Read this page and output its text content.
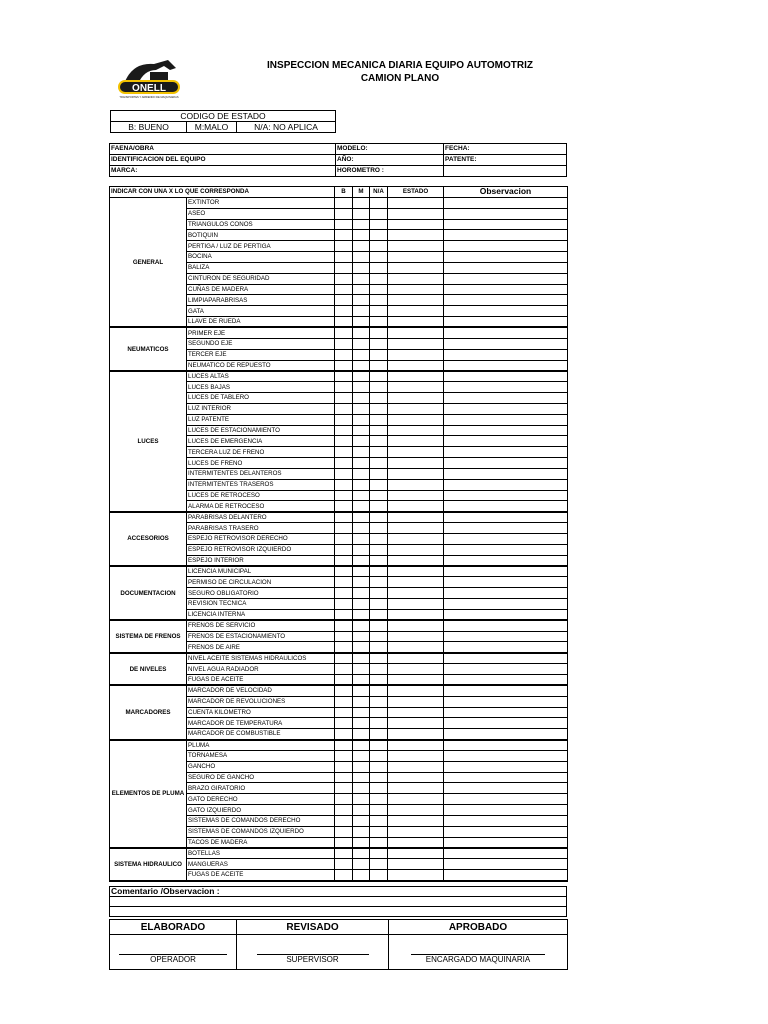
ONELL
TRANSPORTES Y ARRIENDO DE MAQUINARIAS
INSPECCION MECANICA DIARIA EQUIPO AUTOMOTRIZ
CAMION PLANO
CODIGO DE ESTADO
B: BUENO	M:MALO	N/A: NO APLICA
FAENA/OBRA	MODELO:	FECHA:
IDENTIFICACION DEL EQUIPO	AÑO:	PATENTE:
MARCA:	HOROMETRO :	
INDICAR CON UNA X LO QUE CORRESPONDA		B	M	N/A	ESTADO	Observacion
GENERAL	EXTINTOR					
	ASEO					
	TRIANGULOS CONOS					
	BOTIQUIN					
	PERTIGA / LUZ DE PERTIGA					
	BOCINA					
	BALIZA					
	CINTURON DE SEGURIDAD					
	CUÑAS DE MADERA					
	LIMPIAPARABRISAS					
	GATA					
	LLAVE DE RUEDA					
NEUMATICOS	PRIMER EJE					
	SEGUNDO EJE					
	TERCER EJE					
	NEUMATICO DE REPUESTO					
LUCES	LUCES ALTAS					
	LUCES BAJAS					
	LUCES DE TABLERO					
	LUZ INTERIOR					
	LUZ PATENTE					
	LUCES DE ESTACIONAMIENTO					
	LUCES DE EMERGENCIA					
	TERCERA LUZ DE FRENO					
	LUCES DE FRENO					
	INTERMITENTES DELANTEROS					
	INTERMITENTES TRASEROS					
	LUCES DE RETROCESO					
	ALARMA DE RETROCESO					
ACCESORIOS	PARABRISAS DELANTERO					
	PARABRISAS TRASERO					
	ESPEJO RETROVISOR DERECHO					
	ESPEJO RETROVISOR IZQUIERDO					
	ESPEJO INTERIOR					
DOCUMENTACION	LICENCIA MUNICIPAL					
	PERMISO DE CIRCULACION					
	SEGURO OBLIGATORIO					
	REVISION TECNICA					
	LICENCIA INTERNA					
SISTEMA DE FRENOS	FRENOS DE SERVICIO					
	FRENOS DE ESTACIONAMIENTO					
	FRENOS DE AIRE					
DE NIVELES	NIVEL ACEITE SISTEMAS HIDRAULICOS					
	NIVEL AGUA RADIADOR					
	FUGAS DE ACEITE					
MARCADORES	MARCADOR DE VELOCIDAD					
	MARCADOR DE REVOLUCIONES					
	CUENTA KILOMETRO					
	MARCADOR DE TEMPERATURA					
	MARCADOR DE COMBUSTIBLE					
ELEMENTOS DE PLUMA	PLUMA					
	TORNAMESA					
	GANCHO					
	SEGURO DE GANCHO					
	BRAZO GIRATORIO					
	GATO DERECHO					
	GATO IZQUIERDO					
	SISTEMAS DE COMANDOS DERECHO					
	SISTEMAS DE COMANDOS IZQUIERDO					
	TACOS DE MADERA					
SISTEMA HIDRAULICO	BOTELLAS					
	MANGUERAS					
	FUGAS DE ACEITE					
Comentario /Observacion :

ELABORADO	REVISADO	APROBADO
OPERADOR	SUPERVISOR	ENCARGADO MAQUINARIA
